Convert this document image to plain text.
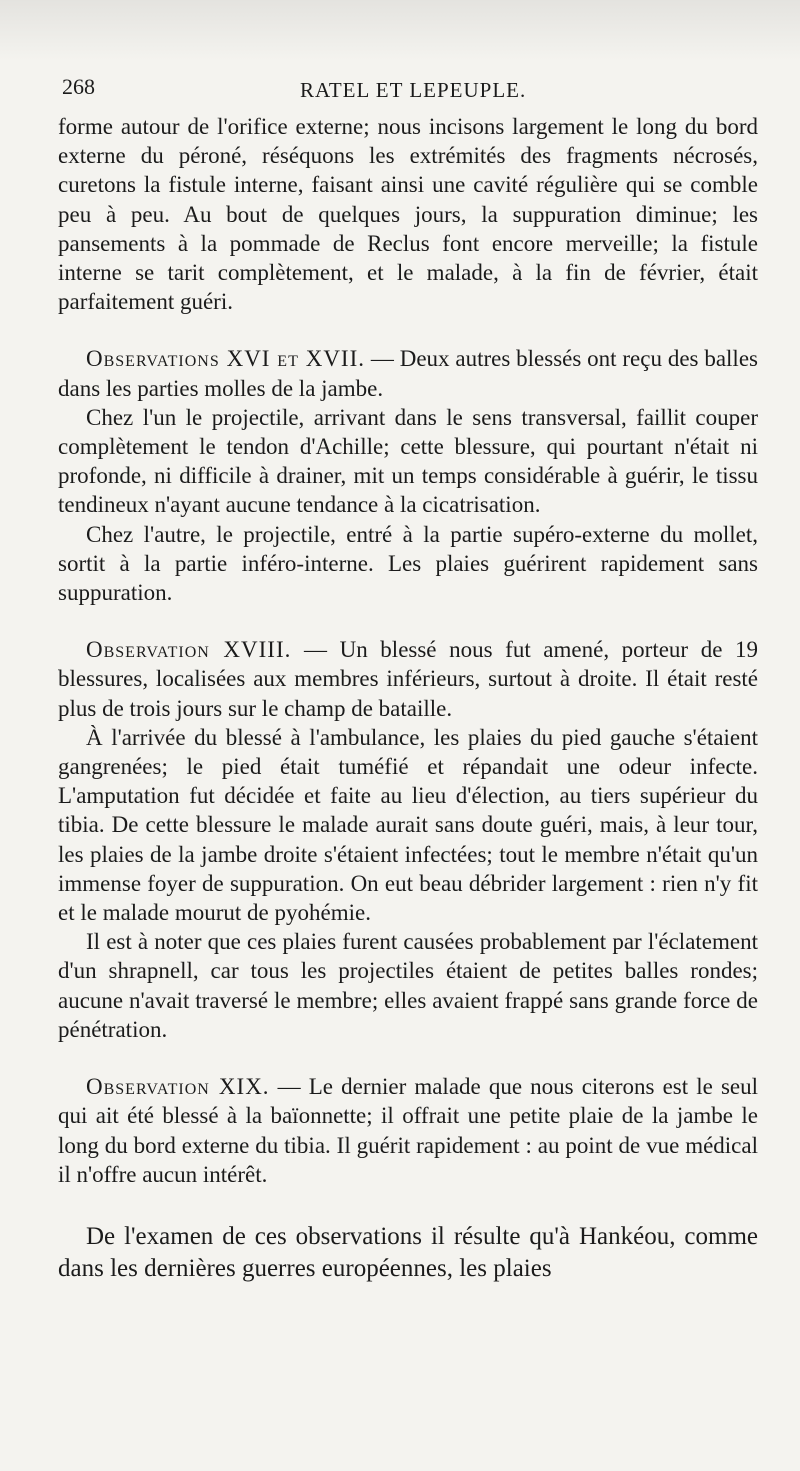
268	RATEL ET LEPEUPLE.

forme autour de l'orifice externe; nous incisons largement le long du bord externe du péroné, réséquons les extrémités des fragments nécrosés, curetons la fistule interne, faisant ainsi une cavité régulière qui se comble peu à peu. Au bout de quelques jours, la suppuration diminue; les pansements à la pommade de Reclus font encore merveille; la fistule interne se tarit complètement, et le malade, à la fin de février, était parfaitement guéri.

Observations XVI et XVII. — Deux autres blessés ont reçu des balles dans les parties molles de la jambe.

Chez l'un le projectile, arrivant dans le sens transversal, faillit couper complètement le tendon d'Achille; cette blessure, qui pourtant n'était ni profonde, ni difficile à drainer, mit un temps considérable à guérir, le tissu tendineux n'ayant aucune tendance à la cicatrisation.

Chez l'autre, le projectile, entré à la partie supéro-externe du mollet, sortit à la partie inféro-interne. Les plaies guérirent rapidement sans suppuration.

Observation XVIII. — Un blessé nous fut amené, porteur de 19 blessures, localisées aux membres inférieurs, surtout à droite. Il était resté plus de trois jours sur le champ de bataille.

À l'arrivée du blessé à l'ambulance, les plaies du pied gauche s'étaient gangrenées; le pied était tuméfié et répandait une odeur infecte. L'amputation fut décidée et faite au lieu d'élection, au tiers supérieur du tibia. De cette blessure le malade aurait sans doute guéri, mais, à leur tour, les plaies de la jambe droite s'étaient infectées; tout le membre n'était qu'un immense foyer de suppuration. On eut beau débrider largement : rien n'y fit et le malade mourut de pyohémie.

Il est à noter que ces plaies furent causées probablement par l'éclatement d'un shrapnell, car tous les projectiles étaient de petites balles rondes; aucune n'avait traversé le membre; elles avaient frappé sans grande force de pénétration.

Observation XIX. — Le dernier malade que nous citerons est le seul qui ait été blessé à la baïonnette; il offrait une petite plaie de la jambe le long du bord externe du tibia. Il guérit rapidement : au point de vue médical il n'offre aucun intérêt.

De l'examen de ces observations il résulte qu'à Hankéou, comme dans les dernières guerres européennes, les plaies
